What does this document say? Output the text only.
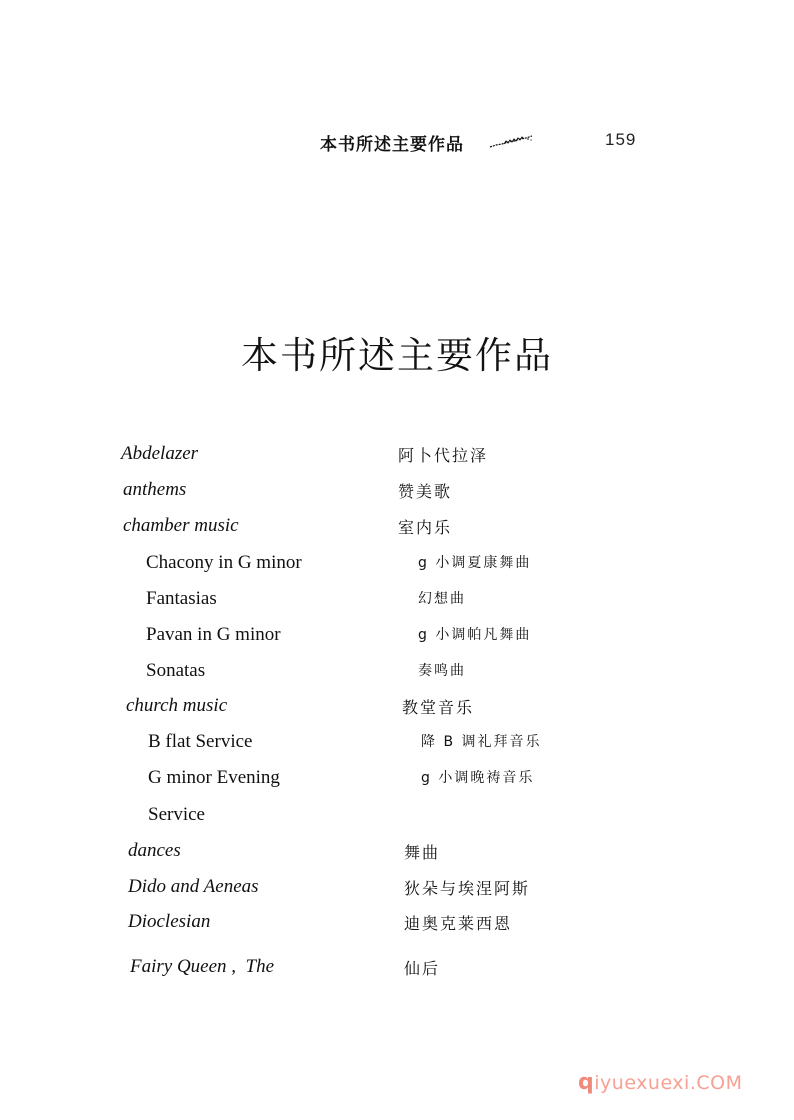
本书所述主要作品	159
本书所述主要作品
Abdelazer	阿卜代拉泽
anthems	赞美歌
chamber music	室内乐
Chacony in G minor	g 小调夏康舞曲
Fantasias	幻想曲
Pavan in G minor	g 小调帕凡舞曲
Sonatas	奏鸣曲
church music	教堂音乐
B flat Service	降 B 调礼拜音乐
G minor Evening	g 小调晚祷音乐
Service
dances	舞曲
Dido and Aeneas	狄朵与埃涅阿斯
Dioclesian	迪奥克莱西恩
Fairy Queen ,  The	仙后
qiyuexuexi.COM
